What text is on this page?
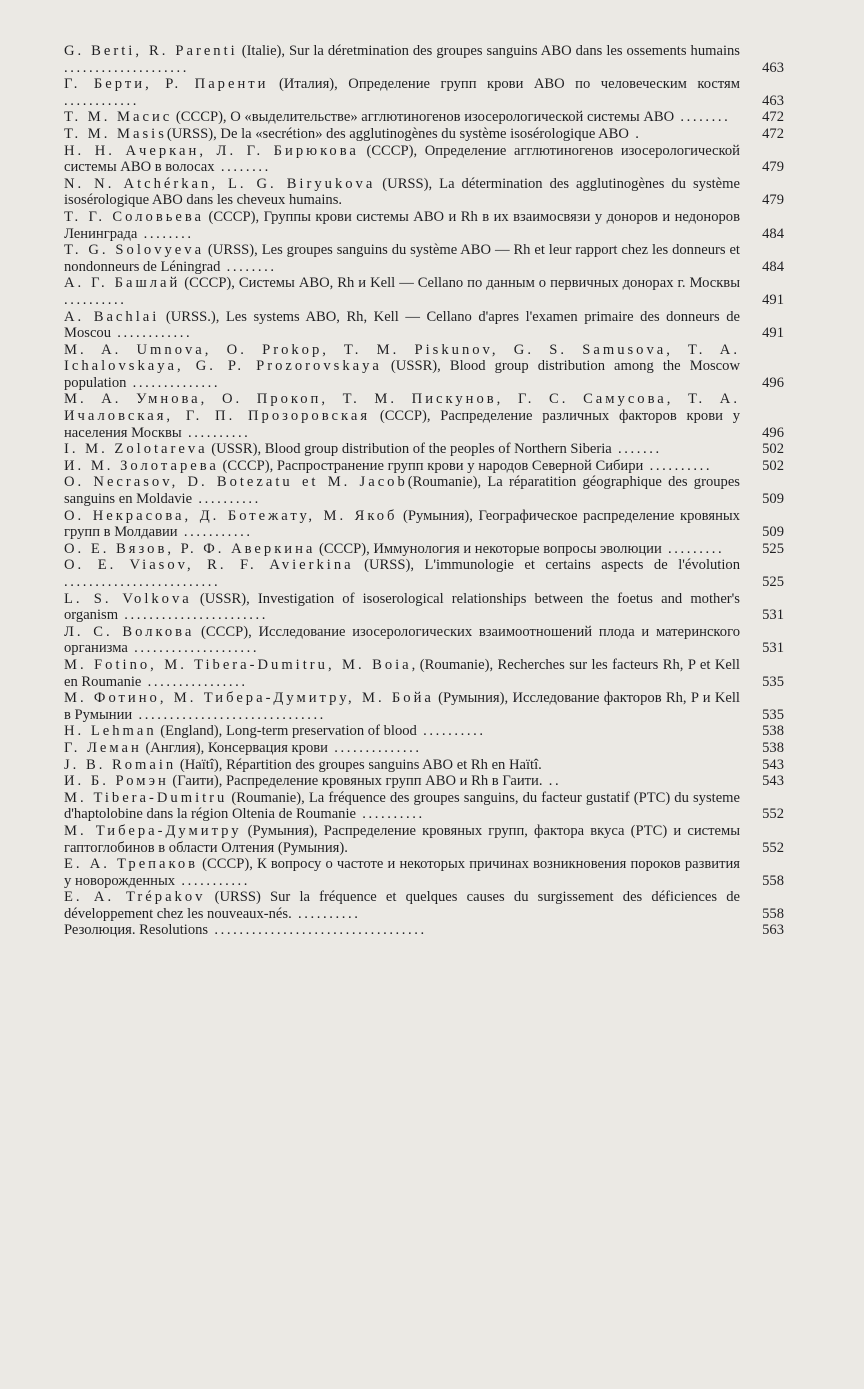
G. Berti, R. Parenti (Italie), Sur la déretmination des groupes sanguins ABO dans les ossements humains ....................	463
Г. Берти, Р. Паренти (Италия), Определение групп крови АВО по человеческим костям ............	463
Т. М. Масис (СССР), О «выделительстве» агглютиногенов изосерологической системы АВО ........	472
Т. М. Masis(URSS), De la «secrétion» des agglutinogènes du système isosérologique ABO .	472
Н. Н. Ачеркан, Л. Г. Бирюкова (СССР), Определение агглютиногенов изосерологической системы АВО в волосах ........	479
N. N. Atchérkan, L. G. Biryukova (URSS), La détermination des agglutinogènes du système isosérologique ABO dans les cheveux humains.	479
Т. Г. Соловьева (СССР), Группы крови системы АВО и Rh в их взаимосвязи у доноров и недоноров Ленинграда ........	484
T. G. Solovyeva (URSS), Les groupes sanguins du système ABO — Rh et leur rapport chez les donneurs et nondonneurs de Léningrad ........	484
А. Г. Башлай (СССР), Системы АВО, Rh и Kell — Cellano по данным о первичных донорах г. Москвы ..........	491
A. Bachlai (URSS.), Les systems ABO, Rh, Kell — Cellano d'apres l'examen primaire des donneurs de Moscou ............	491
M. A. Umnova, O. Prokop, T. M. Piskunov, G. S. Samusova, T. A. Ichalovskaya, G. P. Prozorovskaya (USSR), Blood group distribution among the Moscow population ..............	496
М. А. Умнова, О. Прокоп, Т. М. Пискунов, Г. С. Самусова, Т. А. Ичаловская, Г. П. Прозоровская (СССР), Распределение различных факторов крови у населения Москвы ..........	496
I. M. Zolotareva (USSR), Blood group distribution of the peoples of Northern Siberia .......	502
И. М. Золотарева (СССР), Распространение групп крови у народов Северной Сибири ..........	502
O. Necrasov, D. Botezatu et M. Jacob(Roumanie), La réparatition géographique des groupes sanguins en Moldavie ..........	509
О. Некрасова, Д. Ботежату, М. Якоб (Румыния), Географическое распределение кровяных групп в Молдавии ...........	509
О. Е. Вязов, Р. Ф. Аверкина (СССР), Иммунология и некоторые вопросы эволюции .........	525
O. E. Viasov, R. F. Avierkina (URSS), L'immunologie et certains aspects de l'évolution .........................	525
L. S. Volkova (USSR), Investigation of isoserological relationships between the foetus and mother's organism .......................	531
Л. С. Волкова (СССР), Исследование изосерологических взаимоотношений плода и материнского организма ....................	531
M. Fotino, M. Tibera-Dumitru, M. Boia, (Roumanie), Recherches sur les facteurs Rh, P et Kell en Roumanie ................	535
М. Фотино, М. Тибера-Думитру, М. Бойа (Румыния), Исследование факторов Rh, P и Kell в Румынии ..............................	535
H. Lehman (England), Long-term preservation of blood ..........	538
Г. Леман (Англия), Консервация крови ..............	538
J. B. Romain (Haïtî), Répartition des groupes sanguins ABO et Rh en Haïtî.	543
И. Б. Ромэн (Гаити), Распределение кровяных групп АВО и Rh в Гаити. ..	543
M. Tibera-Dumitru (Roumanie), La fréquence des groupes sanguins, du facteur gustatif (PTC) du systeme d'haptolobine dans la région Oltenia de Roumanie ..........	552
М. Тибера-Думитру (Румыния), Распределение кровяных групп, фактора вкуса (РТС) и системы гаптоглобинов в области Олтения (Румыния).	552
Е. А. Трепаков (СССР), К вопросу о частоте и некоторых причинах возникновения пороков развития у новорожденных ...........	558
E. A. Trépakov (URSS) Sur la fréquence et quelques causes du surgissement des déficiences de développement chez les nouveaux-nés. ..........	558
Резолюция. Resolutions ..................................	563
